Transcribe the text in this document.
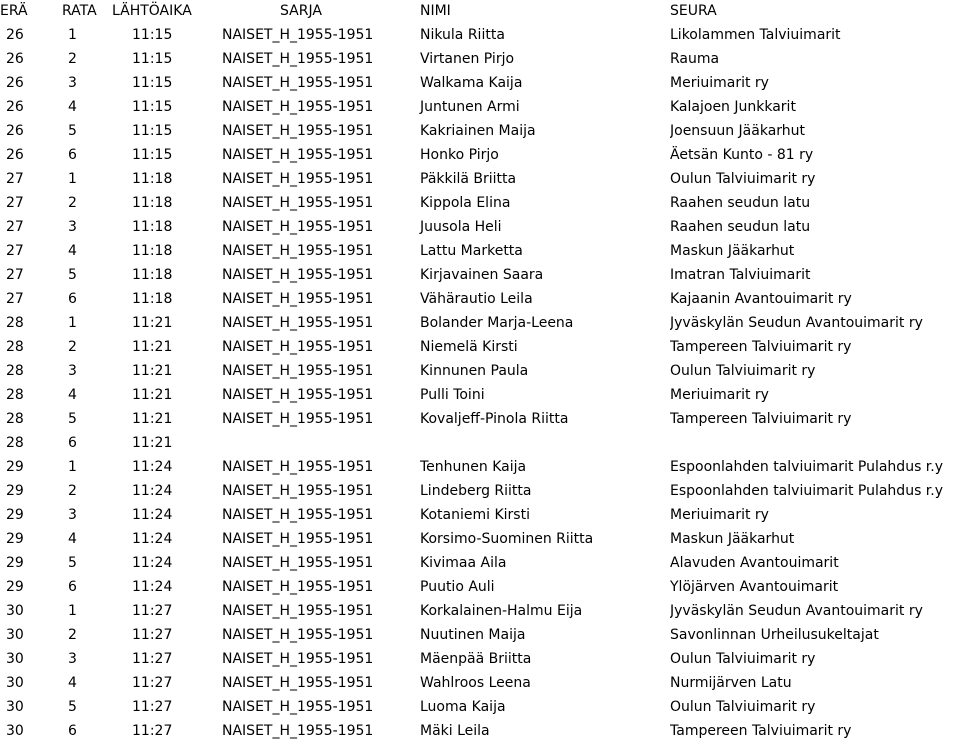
ERÄ	RATA	LÄHTÖAIKA	SARJA	NIMI	SEURA
26	1	11:15	NAISET_H_1955-1951	Nikula Riitta	Likolammen Talviuimarit
26	2	11:15	NAISET_H_1955-1951	Virtanen Pirjo	Rauma
26	3	11:15	NAISET_H_1955-1951	Walkama Kaija	Meriuimarit ry
26	4	11:15	NAISET_H_1955-1951	Juntunen Armi	Kalajoen Junkkarit
26	5	11:15	NAISET_H_1955-1951	Kakriainen Maija	Joensuun Jääkarhut
26	6	11:15	NAISET_H_1955-1951	Honko Pirjo	Äetsän Kunto - 81 ry
27	1	11:18	NAISET_H_1955-1951	Päkkilä Briitta	Oulun Talviuimarit ry
27	2	11:18	NAISET_H_1955-1951	Kippola Elina	Raahen seudun latu
27	3	11:18	NAISET_H_1955-1951	Juusola Heli	Raahen seudun latu
27	4	11:18	NAISET_H_1955-1951	Lattu Marketta	Maskun Jääkarhut
27	5	11:18	NAISET_H_1955-1951	Kirjavainen Saara	Imatran Talviuimarit
27	6	11:18	NAISET_H_1955-1951	Vähärautio Leila	Kajaanin Avantouimarit ry
28	1	11:21	NAISET_H_1955-1951	Bolander Marja-Leena	Jyväskylän Seudun Avantouimarit ry
28	2	11:21	NAISET_H_1955-1951	Niemelä Kirsti	Tampereen Talviuimarit ry
28	3	11:21	NAISET_H_1955-1951	Kinnunen Paula	Oulun Talviuimarit ry
28	4	11:21	NAISET_H_1955-1951	Pulli Toini	Meriuimarit ry
28	5	11:21	NAISET_H_1955-1951	Kovaljeff-Pinola Riitta	Tampereen Talviuimarit ry
28	6	11:21			
29	1	11:24	NAISET_H_1955-1951	Tenhunen Kaija	Espoonlahden talviuimarit Pulahdus r.y
29	2	11:24	NAISET_H_1955-1951	Lindeberg Riitta	Espoonlahden talviuimarit Pulahdus r.y
29	3	11:24	NAISET_H_1955-1951	Kotaniemi Kirsti	Meriuimarit ry
29	4	11:24	NAISET_H_1955-1951	Korsimo-Suominen Riitta	Maskun Jääkarhut
29	5	11:24	NAISET_H_1955-1951	Kivimaa Aila	Alavuden Avantouimarit
29	6	11:24	NAISET_H_1955-1951	Puutio Auli	Ylöjärven Avantouimarit
30	1	11:27	NAISET_H_1955-1951	Korkalainen-Halmu Eija	Jyväskylän Seudun Avantouimarit ry
30	2	11:27	NAISET_H_1955-1951	Nuutinen Maija	Savonlinnan Urheilusukeltajat
30	3	11:27	NAISET_H_1955-1951	Mäenpää Briitta	Oulun Talviuimarit ry
30	4	11:27	NAISET_H_1955-1951	Wahlroos Leena	Nurmijärven Latu
30	5	11:27	NAISET_H_1955-1951	Luoma Kaija	Oulun Talviuimarit ry
30	6	11:27	NAISET_H_1955-1951	Mäki Leila	Tampereen Talviuimarit ry
